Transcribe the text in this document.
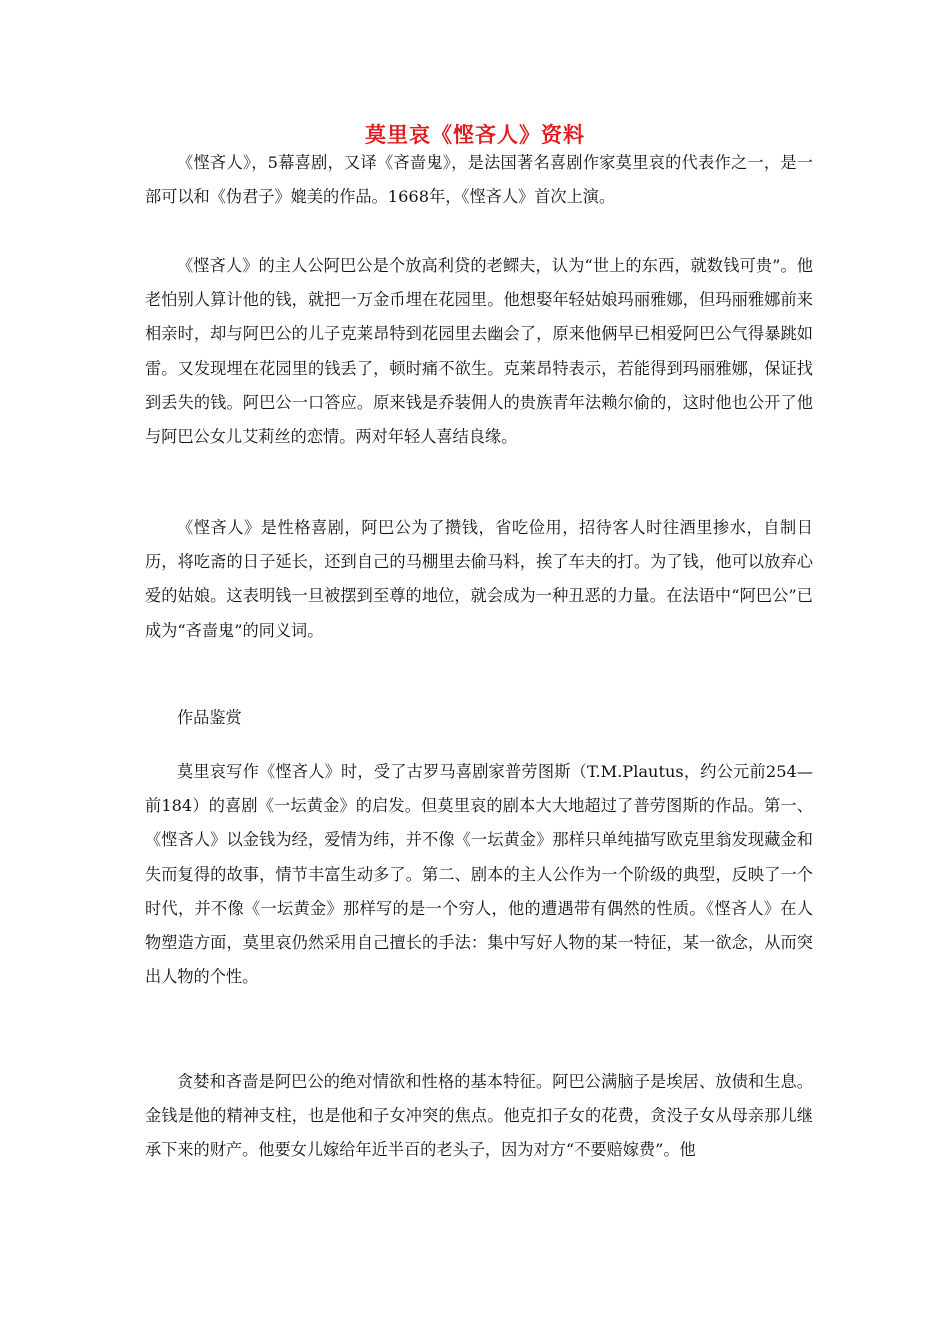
莫里哀《悭吝人》资料

《悭吝人》，5幕喜剧，又译《吝啬鬼》，是法国著名喜剧作家莫里哀的代表作之一，是一部可以和《伪君子》媲美的作品。1668年，《悭吝人》首次上演。

《悭吝人》的主人公阿巴公是个放高利贷的老鳏夫，认为“世上的东西，就数钱可贵”。他老怕别人算计他的钱，就把一万金币埋在花园里。他想娶年轻姑娘玛丽雅娜，但玛丽雅娜前来相亲时，却与阿巴公的儿子克莱昂特到花园里去幽会了，原来他俩早已相爱阿巴公气得暴跳如雷。又发现埋在花园里的钱丢了，顿时痛不欲生。克莱昂特表示，若能得到玛丽雅娜，保证找到丢失的钱。阿巴公一口答应。原来钱是乔装佣人的贵族青年法赖尔偷的，这时他也公开了他与阿巴公女儿艾莉丝的恋情。两对年轻人喜结良缘。

《悭吝人》是性格喜剧，阿巴公为了攒钱，省吃俭用，招待客人时往酒里掺水，自制日历，将吃斋的日子延长，还到自己的马棚里去偷马料，挨了车夫的打。为了钱，他可以放弃心爱的姑娘。这表明钱一旦被摆到至尊的地位，就会成为一种丑恶的力量。在法语中“阿巴公”已成为“吝啬鬼”的同义词。

作品鉴赏

莫里哀写作《悭吝人》时，受了古罗马喜剧家普劳图斯（T.M.Plautus，约公元前254—前184）的喜剧《一坛黄金》的启发。但莫里哀的剧本大大地超过了普劳图斯的作品。第一、《悭吝人》以金钱为经，爱情为纬，并不像《一坛黄金》那样只单纯描写欧克里翁发现藏金和失而复得的故事，情节丰富生动多了。第二、剧本的主人公作为一个阶级的典型，反映了一个时代，并不像《一坛黄金》那样写的是一个穷人，他的遭遇带有偶然的性质。《悭吝人》在人物塑造方面，莫里哀仍然采用自己擅长的手法：集中写好人物的某一特征，某一欲念，从而突出人物的个性。

贪婪和吝啬是阿巴公的绝对情欲和性格的基本特征。阿巴公满脑子是埃居、放债和生息。金钱是他的精神支柱，也是他和子女冲突的焦点。他克扣子女的花费，贪没子女从母亲那儿继承下来的财产。他要女儿嫁给年近半百的老头子，因为对方“不要赔嫁费”。他
